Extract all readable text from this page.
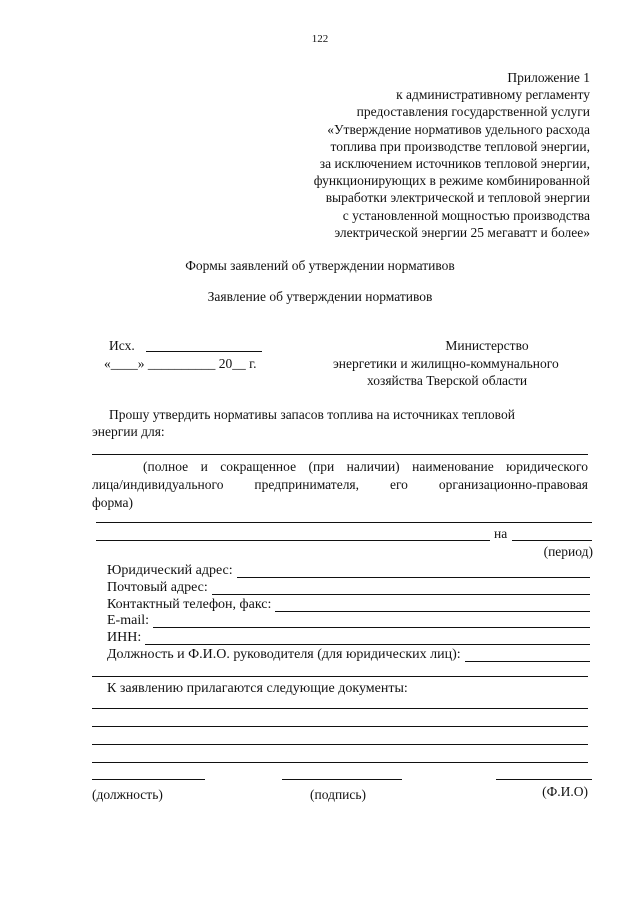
122
Приложение 1
к административному регламенту
предоставления государственной услуги
«Утверждение нормативов удельного расхода
топлива при производстве тепловой энергии,
за исключением источников тепловой энергии,
функционирующих в режиме комбинированной
выработки электрической и тепловой энергии
с установленной мощностью производства
электрической энергии 25 мегаватт и более»
Формы заявлений об утверждении нормативов
Заявление об утверждении нормативов
Исх.
«____» __________ 20__ г.
Министерство
энергетики и жилищно-коммунального
хозяйства Тверской области
Прошу утвердить нормативы запасов топлива на источниках тепловой
энергии для:
(полное и сокращенное (при наличии) наименование юридического
лица/индивидуального предпринимателя, его организационно-правовая
форма)
на
(период)
Юридический адрес:
Почтовый адрес:
Контактный телефон, факс:
E-mail:
ИНН:
Должность и Ф.И.О. руководителя (для юридических лиц):
К заявлению прилагаются следующие документы:
(должность)	(подпись)	(Ф.И.О)
